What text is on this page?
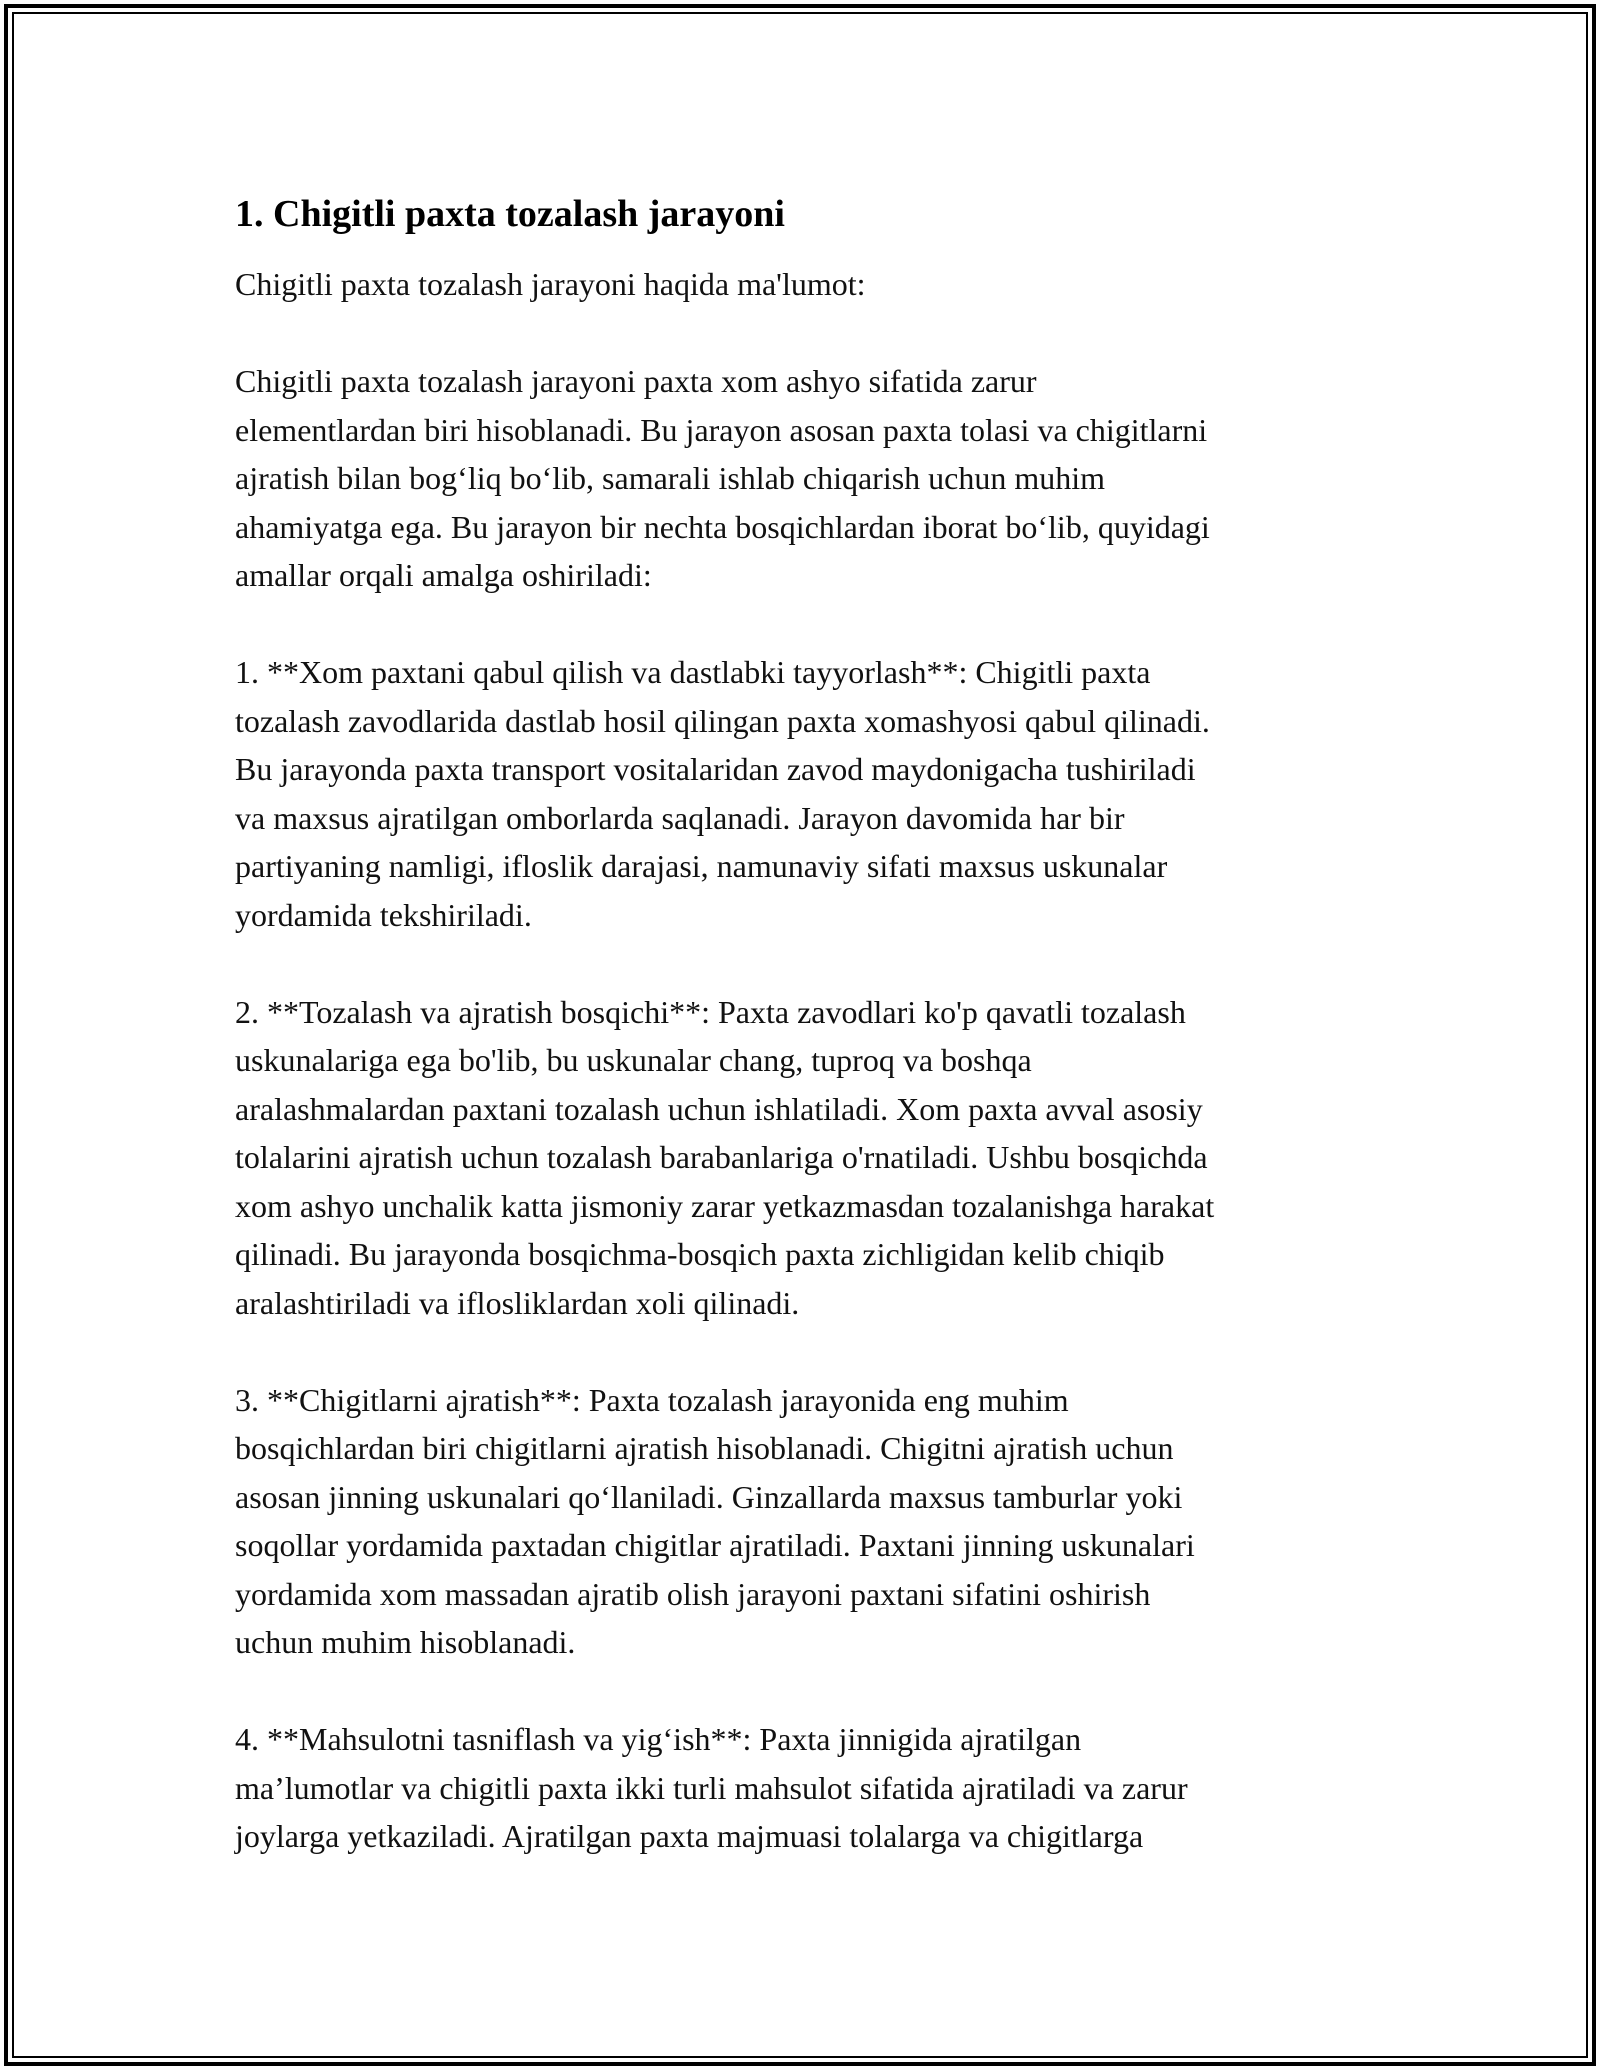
1. Chigitli paxta tozalash jarayoni

Chigitli paxta tozalash jarayoni haqida ma'lumot:

Chigitli paxta tozalash jarayoni paxta xom ashyo sifatida zarur
elementlardan biri hisoblanadi. Bu jarayon asosan paxta tolasi va chigitlarni
ajratish bilan bog‘liq bo‘lib, samarali ishlab chiqarish uchun muhim
ahamiyatga ega. Bu jarayon bir nechta bosqichlardan iborat bo‘lib, quyidagi
amallar orqali amalga oshiriladi:

1. **Xom paxtani qabul qilish va dastlabki tayyorlash**: Chigitli paxta
tozalash zavodlarida dastlab hosil qilingan paxta xomashyosi qabul qilinadi.
Bu jarayonda paxta transport vositalaridan zavod maydonigacha tushiriladi
va maxsus ajratilgan omborlarda saqlanadi. Jarayon davomida har bir
partiyaning namligi, ifloslik darajasi, namunaviy sifati maxsus uskunalar
yordamida tekshiriladi.

2. **Tozalash va ajratish bosqichi**: Paxta zavodlari ko'p qavatli tozalash
uskunalariga ega bo'lib, bu uskunalar chang, tuproq va boshqa
aralashmalardan paxtani tozalash uchun ishlatiladi. Xom paxta avval asosiy
tolalarini ajratish uchun tozalash barabanlariga o'rnatiladi. Ushbu bosqichda
xom ashyo unchalik katta jismoniy zarar yetkazmasdan tozalanishga harakat
qilinadi. Bu jarayonda bosqichma-bosqich paxta zichligidan kelib chiqib
aralashtiriladi va ifloslikl​ardan xoli qilinadi.

3. **Chigitlarni ajratish**: Paxta tozalash jarayonida eng muhim
bosqichlardan biri chigitlarni ajratish hisoblanadi. Chigitni ajratish uchun
asosan jinning uskunalari qo‘llaniladi. Ginzallarda maxsus tamburlar yoki
soqollar yordamida paxtadan chigitlar ajratiladi. Paxtani jinning uskunalari
yordamida xom massadan ajratib olish jarayoni paxtani sifatini oshirish
uchun muhim hisoblanadi.

4. **Mahsulotni tasniflash va yig‘ish**: Paxta jinnigida ajratilgan
ma’lumotlar va chigitli paxta ikki turli mahsulot sifatida ajratiladi va zarur
joylarga yetkaziladi. Ajratilgan paxta majmuasi tolalarga va chigitlarga
